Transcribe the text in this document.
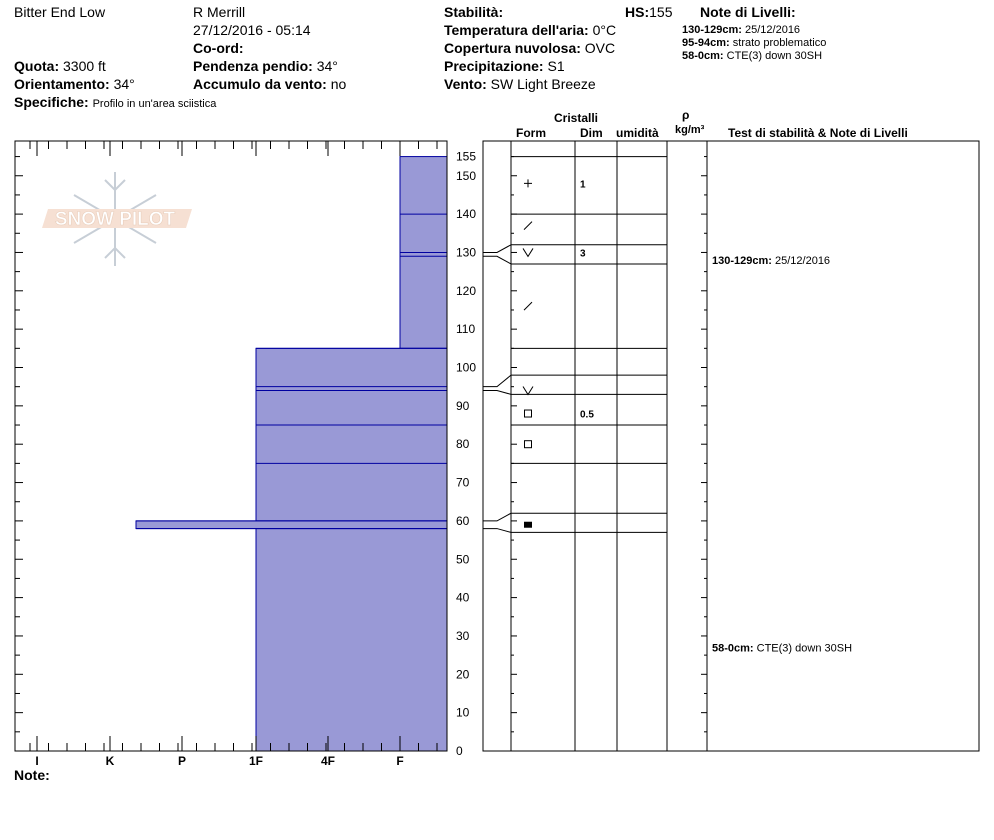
Bitter End Low	R Merrill
27/12/2016 - 05:14
Co-ord:
Quota: 3300 ft
Orientamento: 34°
Specifiche: Profilo in un'area sciistica
Pendenza pendio: 34°
Accumulo da vento: no
Stabilità:	HS:155
Temperatura dell'aria: 0°C
Copertura nuvolosa: OVC
Precipitazione: S1
Vento: SW Light Breeze
Note di Livelli:
130-129cm: 25/12/2016
95-94cm: strato problematico
58-0cm: CTE(3) down 30SH
Cristalli
Form	Dim umidità
ρ
kg/m³ Test di stabilità & Note di Livelli
Note:
SNOW PILOT
I	K	P	1F	4F	F
0
10
20
30
40
50
60
70
80
90
100
110
120
130
140
150
155
1
3
0.5
130-129cm: 25/12/2016
58-0cm: CTE(3) down 30SH
